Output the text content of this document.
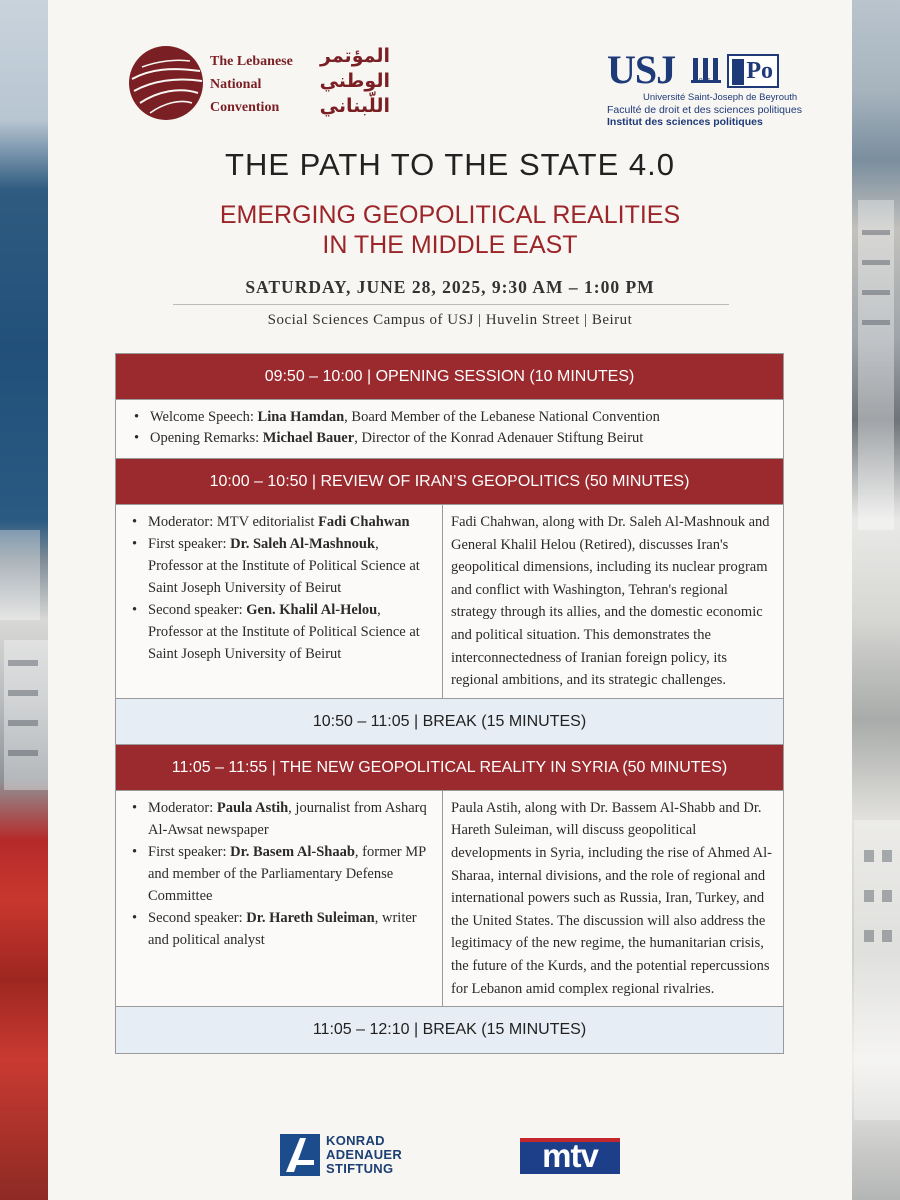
The Lebanese
National
Convention
المؤتمر
الوطني
اللّبناني
USJ	1875 Po
Université Saint-Joseph de Beyrouth
Faculté de droit et des sciences politiques
Institut des sciences politiques
THE PATH TO THE STATE 4.0
EMERGING GEOPOLITICAL REALITIES
IN THE MIDDLE EAST
SATURDAY, JUNE 28, 2025, 9:30 AM – 1:00 PM
Social Sciences Campus of USJ | Huvelin Street | Beirut
09:50 – 10:00 | OPENING SESSION (10 MINUTES)
• Welcome Speech: Lina Hamdan, Board Member of the Lebanese National Convention
• Opening Remarks: Michael Bauer, Director of the Konrad Adenauer Stiftung Beirut
10:00 – 10:50 | REVIEW OF IRAN’S GEOPOLITICS (50 MINUTES)
• Moderator: MTV editorialist Fadi Chahwan
• First speaker: Dr. Saleh Al-Mashnouk, Professor at the Institute of Political Science at Saint Joseph University of Beirut
• Second speaker: Gen. Khalil Al-Helou, Professor at the Institute of Political Science at Saint Joseph University of Beirut
Fadi Chahwan, along with Dr. Saleh Al-Mashnouk and General Khalil Helou (Retired), discusses Iran's geopolitical dimensions, including its nuclear program and conflict with Washington, Tehran's regional strategy through its allies, and the domestic economic and political situation. This demonstrates the interconnectedness of Iranian foreign policy, its regional ambitions, and its strategic challenges.
10:50 – 11:05 | BREAK (15 MINUTES)
11:05 – 11:55 | THE NEW GEOPOLITICAL REALITY IN SYRIA (50 MINUTES)
• Moderator: Paula Astih, journalist from Asharq Al-Awsat newspaper
• First speaker: Dr. Basem Al-Shaab, former MP and member of the Parliamentary Defense Committee
• Second speaker: Dr. Hareth Suleiman, writer and political analyst
Paula Astih, along with Dr. Bassem Al-Shabb and Dr. Hareth Suleiman, will discuss geopolitical developments in Syria, including the rise of Ahmed Al-Sharaa, internal divisions, and the role of regional and international powers such as Russia, Iran, Turkey, and the United States. The discussion will also address the legitimacy of the new regime, the humanitarian crisis, the future of the Kurds, and the potential repercussions for Lebanon amid complex regional rivalries.
11:05 – 12:10 | BREAK (15 MINUTES)
KONRAD
ADENAUER
STIFTUNG	mtv
